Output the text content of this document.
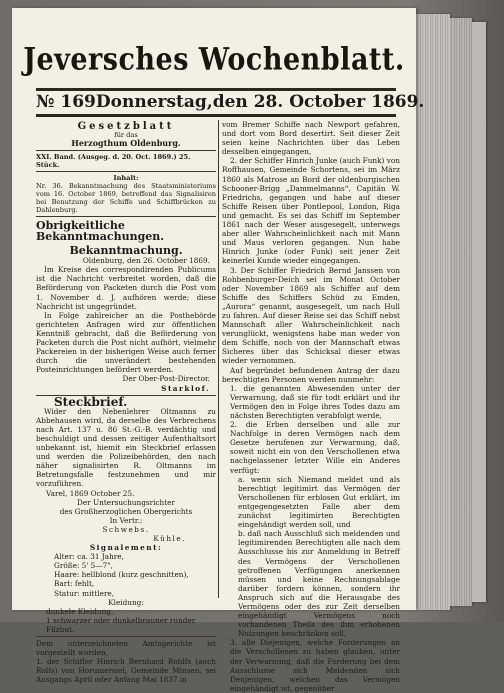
Jeversches Wochenblatt.
№ 169 Donnerstag, den 28. October 1869.
Gesetzblatt
für das
Herzogthum Oldenburg.
XXI. Band. (Ausgeg. d. 20. Oct. 1869.) 25. Stück.
Inhalt:

Nr. 36. Bekanntmachung des Staatsministeriums vom 16. October 1869, betreffend das Signalisiren bei Benutzung der Schiffe und Schiffbrücken zu Dahlenburg.

Obrigkeitliche Bekanntmachungen.
Bekanntmachung.
Oldenburg, den 26. October 1869.

Im Kreise des correspondirenden Publicums ist die Nachricht verbreitet worden, daß die Beförderung von Packeten durch die Post vom 1. November d. J. aufhören werde; diese Nachricht ist ungegründet.

In Folge zahlreicher an die Posthebörde gerichteten Anfragen wird zur öffentlichen Kenntniß gebracht, daß die Beförderung von Packeten durch die Post nicht aufhört, vielmehr Packereien in der bisherigen Weise auch ferner durch die unverändert bestehenden Posteinrichtungen befördert werden.

Der Ober-Post-Director.
Starklof.
Steckbrief.

Wider den Nebenlehrer Oltmanns zu Abbehausen wird, da derselbe des Verbrechens nach Art. 137 u. 86 St.-G.-B. verdächtig und beschuldigt und dessen zeitiger Aufenthaltsort unbekannt ist, hiemit ein Steckbrief erlassen und werden die Polizeibehörden, den nach näher signalisirten R. Oltmanns im Betretungsfalle festzunehmen und mir vorzuführen.

Varel, 1869 October 25.
Der Untersuchungsrichter
des Großherzoglichen Obergerichts
In Vertr.:
Schwebs.
Kühle.
Signalement:
Alter: ca. 31 Jahre,
Größe: 5' 5—7",
Haare: hellblond (kurz geschnitten),
Bart: fehlt,
Statur: mittlere,
Kleidung:
dunkele Kleidung,
1 schwarzer oder dunkelbrauner runder Filzhut.

Dem unterzeichneten Amtsgerichte ist vorgestellt worden,

1. der Schiffer Hinrich Bernhard Rohlfs (auch Rolfs) von Horumersiel, Gemeinde Minsen, sei Ausgangs April oder Anfang Mai 1837 in

vom Bremer Schiffe nach Newport gefahren, und dort vom Bord desertirt. Seit dieser Zeit seien keine Nachrichten über das Leben desselben eingegangen,

2. der Schiffer Hinrich Junke (auch Funk) von Roffhausen, Gemeinde Schortens, sei im März 1860 als Matrose an Bord der oldenburgischen Schooner-Brigg „Dammelmanns“, Capitän W. Friedrichs, gegangen und habe auf dieser Schiffe Reisen über Pontlepool, London, Riga und gemacht. Es sei das Schiff im September 1861 nach der Weser ausgesegelt, unterwegs aber aller Wahrscheinlichkeit nach mit Mann und Maus verloren gegangen. Nun habe Hinrich Junke (oder Funk) seit jener Zeit keinerlei Kunde wieder eingegangen.

3. Der Schiffer Friedrich Bernd Janssen von Rohbenburger-Deich sei im Monat October oder November 1869 als Schiffer auf dem Schiffe des Schiffers Schüd zu Emden, „Aurora“ genannt, ausgesegelt, um nach Hull zu fahren. Auf dieser Reise sei das Schiff nebst Mannschaft aller Wahrscheinlichkeit nach verunglückt, wenigstens habe man weder von dem Schiffe, noch von der Mannschaft etwas Sicheres über das Schicksal dieser etwas wieder vernommen.

Auf begründet befundenen Antrag der dazu berechtigten Personen werden nunmehr:

1. die genannten Abwesenden unter der Verwarnung, daß sie für todt erklärt und ihr Vermögen den in Folge ihres Todes dazu am nächsten Berechtigten verabfolgt werde,

2. die Erben derselben und alle zur Nachfolge in deren Vermögen nach dem Gesetze berufenen zur Verwarnung, daß, soweit nicht ein von den Verschollenen etwa nachgelassener letzter Wille ein Anderes verfügt:

a. wenn sich Niemand meldet und als berechtigt legitimirt das Vermögen der Verschollenen für erblosen Gut erklärt, im entgegengesetzten Falle aber dem zunächst legitimirten Berechtigten eingehändigt werden soll, und

b. daß nach Ausschluß sich meldenden und legitimirenden Berechtigten alle nach dem Ausschlusse bis zur Anmeldung in Betreff des Vermögens der Verschollenen getroffenen Verfügungen anerkennen müssen und keine Rechnungsablage darüber fordern können, sondern ihr Anspruch sich auf die Herausgabe des Vermögens oder des zur Zeit derselben eingehändigt Vermögens noch vorhandenen Theils des ihm erhobenen Nutzungen beschränken soll,

3. alle Diejenigen, welche Forderungen an die Verschollenen zu haben glauben, unter der Verwarnung, daß die Forderung bei dem Ausschlusse sich Meldenden sich Denjenigen, welchen das Vermögen eingehändigt ist, gegenüber
